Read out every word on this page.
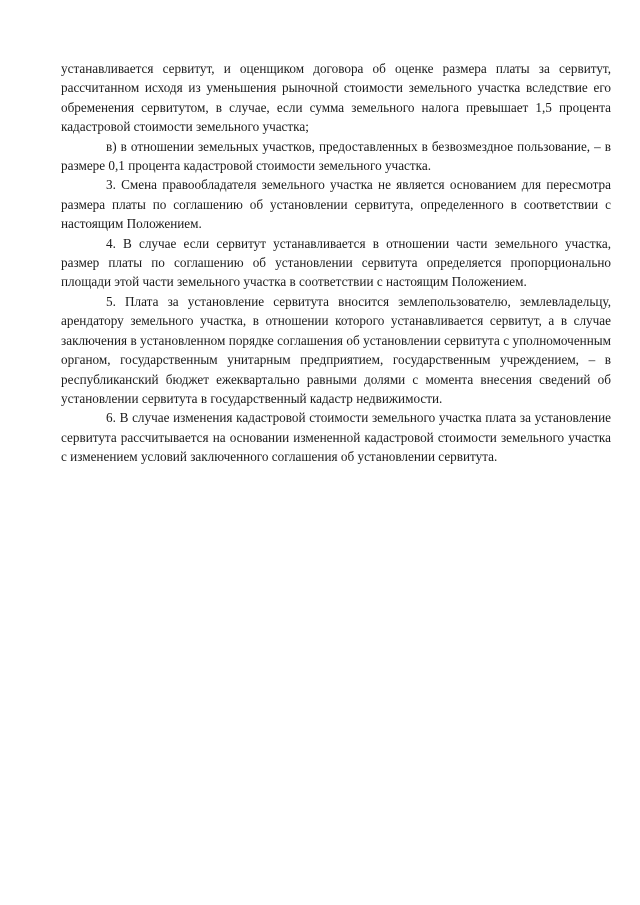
устанавливается сервитут, и оценщиком договора об оценке размера платы за сервитут, рассчитанном исходя из уменьшения рыночной стоимости земельного участка вследствие его обременения сервитутом, в случае, если сумма земельного налога превышает 1,5 процента кадастровой стоимости земельного участка;

в) в отношении земельных участков, предоставленных в безвозмездное пользование, – в размере 0,1 процента кадастровой стоимости земельного участка.

3. Смена правообладателя земельного участка не является основанием для пересмотра размера платы по соглашению об установлении сервитута, определенного в соответствии с настоящим Положением.

4. В случае если сервитут устанавливается в отношении части земельного участка, размер платы по соглашению об установлении сервитута определяется пропорционально площади этой части земельного участка в соответствии с настоящим Положением.

5. Плата за установление сервитута вносится землепользователю, землевладельцу, арендатору земельного участка, в отношении которого устанавливается сервитут, а в случае заключения в установленном порядке соглашения об установлении сервитута с уполномоченным органом, государственным унитарным предприятием, государственным учреждением, – в республиканский бюджет ежеквартально равными долями с момента внесения сведений об установлении сервитута в государственный кадастр недвижимости.

6. В случае изменения кадастровой стоимости земельного участка плата за установление сервитута рассчитывается на основании измененной кадастровой стоимости земельного участка с изменением условий заключенного соглашения об установлении сервитута.
